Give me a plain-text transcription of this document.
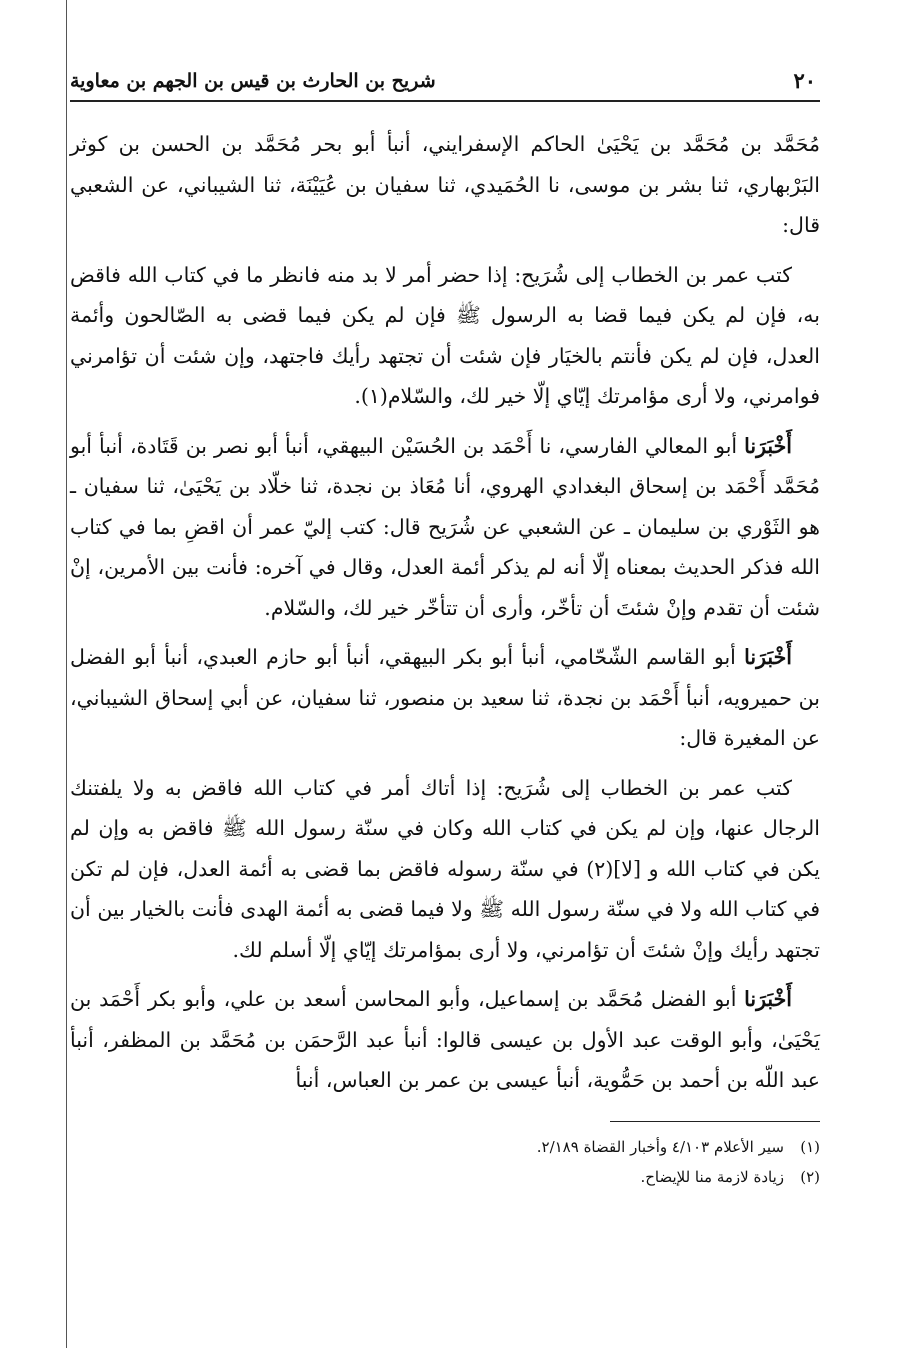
٢٠
شريح بن الحارث بن قيس بن الجهم بن معاوية

مُحَمَّد بن مُحَمَّد بن يَحْيَىٰ الحاكم الإسفرايني، أنبأ أبو بحر مُحَمَّد بن الحسن بن كوثر البَرْبهاري، ثنا بشر بن موسى، نا الحُمَيدي، ثنا سفيان بن عُيَيْنَة، ثنا الشيباني، عن الشعبي قال:

كتب عمر بن الخطاب إلى شُرَيح: إذا حضر أمر لا بد منه فانظر ما في كتاب الله فاقض به، فإن لم يكن فيما قضا به الرسول ﷺ فإن لم يكن فيما قضى به الصّالحون وأئمة العدل، فإن لم يكن فأنتم بالخيَار فإن شئت أن تجتهد رأيك فاجتهد، وإن شئت أن تؤامرني فوامرني، ولا أرى مؤامرتك إيّاي إلّا خير لك، والسّلام(١).

أَخْبَرَنا أبو المعالي الفارسي، نا أَحْمَد بن الحُسَيْن البيهقي، أنبأ أبو نصر بن قَتَادة، أنبأ أبو مُحَمَّد أَحْمَد بن إسحاق البغدادي الهروي، أنا مُعَاذ بن نجدة، ثنا خلّاد بن يَحْيَىٰ، ثنا سفيان ـ هو الثَوْري بن سليمان ـ عن الشعبي عن شُرَيح قال: كتب إليّ عمر أن اقضِ بما في كتاب الله فذكر الحديث بمعناه إلّا أنه لم يذكر أئمة العدل، وقال في آخره: فأنت بين الأمرين، إنْ شئت أن تقدم وإنْ شئتَ أن تأخّر، وأرى أن تتأخّر خير لك، والسّلام.

أَخْبَرَنا أبو القاسم الشّحّامي، أنبأ أبو بكر البيهقي، أنبأ أبو حازم العبدي، أنبأ أبو الفضل بن حميرويه، أنبأ أَحْمَد بن نجدة، ثنا سعيد بن منصور، ثنا سفيان، عن أبي إسحاق الشيباني، عن المغيرة قال:

كتب عمر بن الخطاب إلى شُرَيح: إذا أتاك أمر في كتاب الله فاقض به ولا يلفتنك الرجال عنها، وإن لم يكن في كتاب الله وكان في سنّة رسول الله ﷺ فاقض به وإن لم يكن في كتاب الله و [لا](٢) في سنّة رسوله فاقض بما قضى به أئمة العدل، فإن لم تكن في كتاب الله ولا في سنّة رسول الله ﷺ ولا فيما قضى به أئمة الهدى فأنت بالخيار بين أن تجتهد رأيك وإنْ شئتَ أن تؤامرني، ولا أرى بمؤامرتك إيّاي إلّا أسلم لك.

أَخْبَرَنا أبو الفضل مُحَمَّد بن إسماعيل، وأبو المحاسن أسعد بن علي، وأبو بكر أَحْمَد بن يَحْيَىٰ، وأبو الوقت عبد الأول بن عيسى قالوا: أنبأ عبد الرَّحمَن بن مُحَمَّد بن المظفر، أنبأ عبد اللّه بن أحمد بن حَمُّوية، أنبأ عيسى بن عمر بن العباس، أنبأ

(١)سير الأعلام ٤/١٠٣ وأخبار القضاة ٢/١٨٩.
(٢)زيادة لازمة منا للإيضاح.
